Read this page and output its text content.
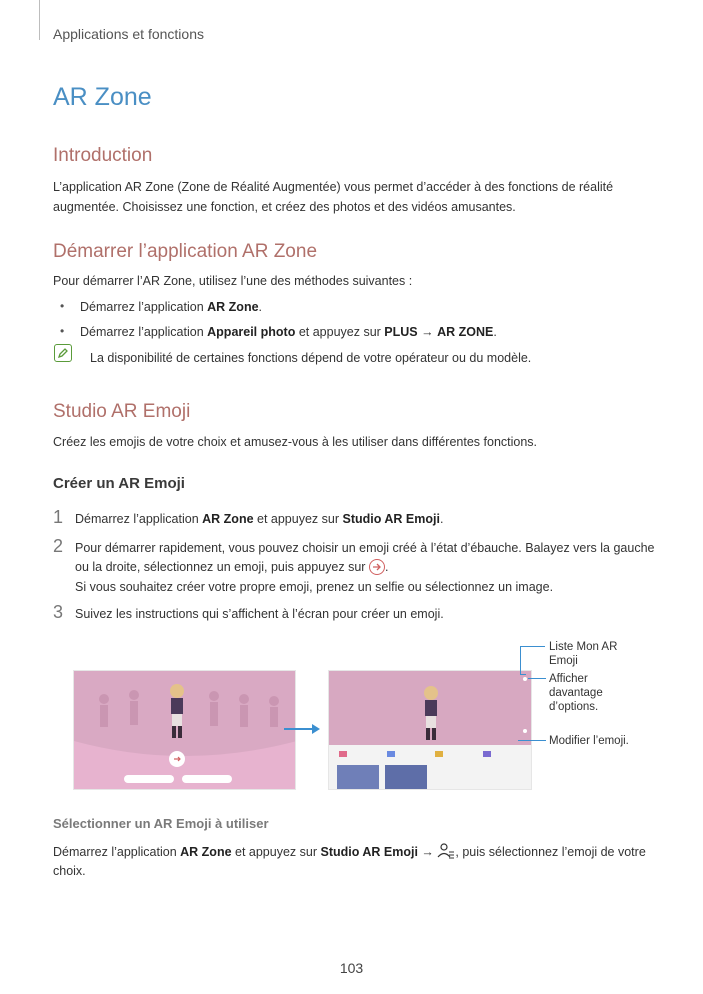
Applications et fonctions
AR Zone
Introduction
L’application AR Zone (Zone de Réalité Augmentée) vous permet d’accéder à des fonctions de réalité augmentée. Choisissez une fonction, et créez des photos et des vidéos amusantes.
Démarrer l’application AR Zone
Pour démarrer l’AR Zone, utilisez l’une des méthodes suivantes :
• Démarrez l’application AR Zone.
• Démarrez l’application Appareil photo et appuyez sur PLUS → AR ZONE.
La disponibilité de certaines fonctions dépend de votre opérateur ou du modèle.
Studio AR Emoji
Créez les emojis de votre choix et amusez-vous à les utiliser dans différentes fonctions.
Créer un AR Emoji
1 Démarrez l’application AR Zone et appuyez sur Studio AR Emoji.
2 Pour démarrer rapidement, vous pouvez choisir un emoji créé à l’état d’ébauche. Balayez vers la gauche
ou la droite, sélectionnez un emoji, puis appuyez sur .
Si vous souhaitez créer votre propre emoji, prenez un selfie ou sélectionnez un image.
3 Suivez les instructions qui s’affichent à l’écran pour créer un emoji.
Liste Mon AR Emoji
Afficher davantage d’options.
Modifier l’emoji.
Sélectionner un AR Emoji à utiliser
Démarrez l’application AR Zone et appuyez sur Studio AR Emoji → , puis sélectionnez l’emoji de votre
choix.
103
